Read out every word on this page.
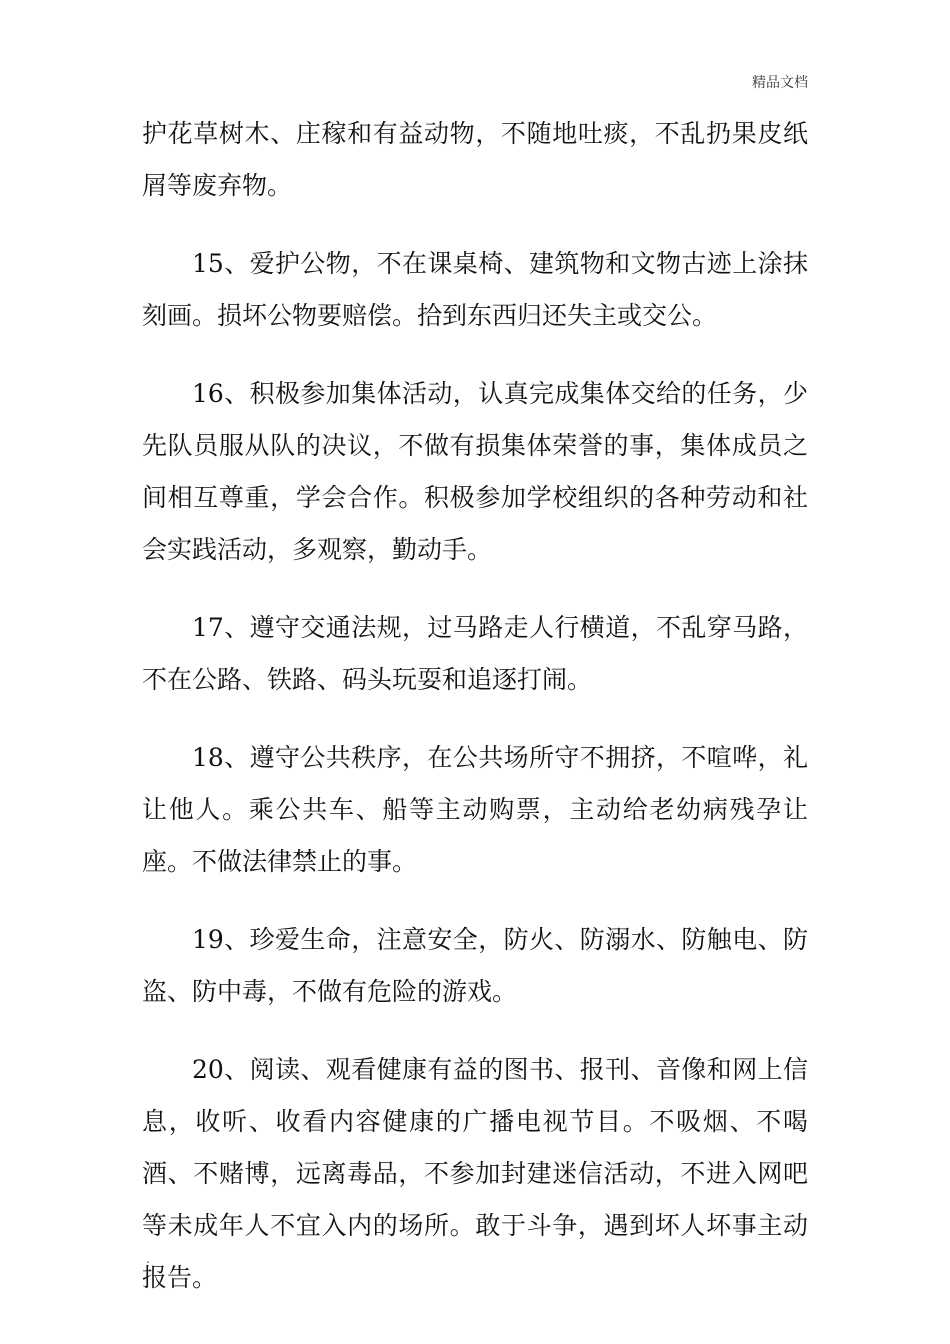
精品文档

护花草树木、庄稼和有益动物，不随地吐痰，不乱扔果皮纸屑等废弃物。

15、爱护公物，不在课桌椅、建筑物和文物古迹上涂抹刻画。损坏公物要赔偿。拾到东西归还失主或交公。

16、积极参加集体活动，认真完成集体交给的任务，少先队员服从队的决议，不做有损集体荣誉的事，集体成员之间相互尊重，学会合作。积极参加学校组织的各种劳动和社会实践活动，多观察，勤动手。

17、遵守交通法规，过马路走人行横道，不乱穿马路，不在公路、铁路、码头玩耍和追逐打闹。

18、遵守公共秩序，在公共场所守不拥挤，不喧哗，礼让他人。乘公共车、船等主动购票，主动给老幼病残孕让座。不做法律禁止的事。

19、珍爱生命，注意安全，防火、防溺水、防触电、防盗、防中毒，不做有危险的游戏。

20、阅读、观看健康有益的图书、报刊、音像和网上信息，收听、收看内容健康的广播电视节目。不吸烟、不喝酒、不赌博，远离毒品，不参加封建迷信活动，不进入网吧等未成年人不宜入内的场所。敢于斗争，遇到坏人坏事主动报告。

.
